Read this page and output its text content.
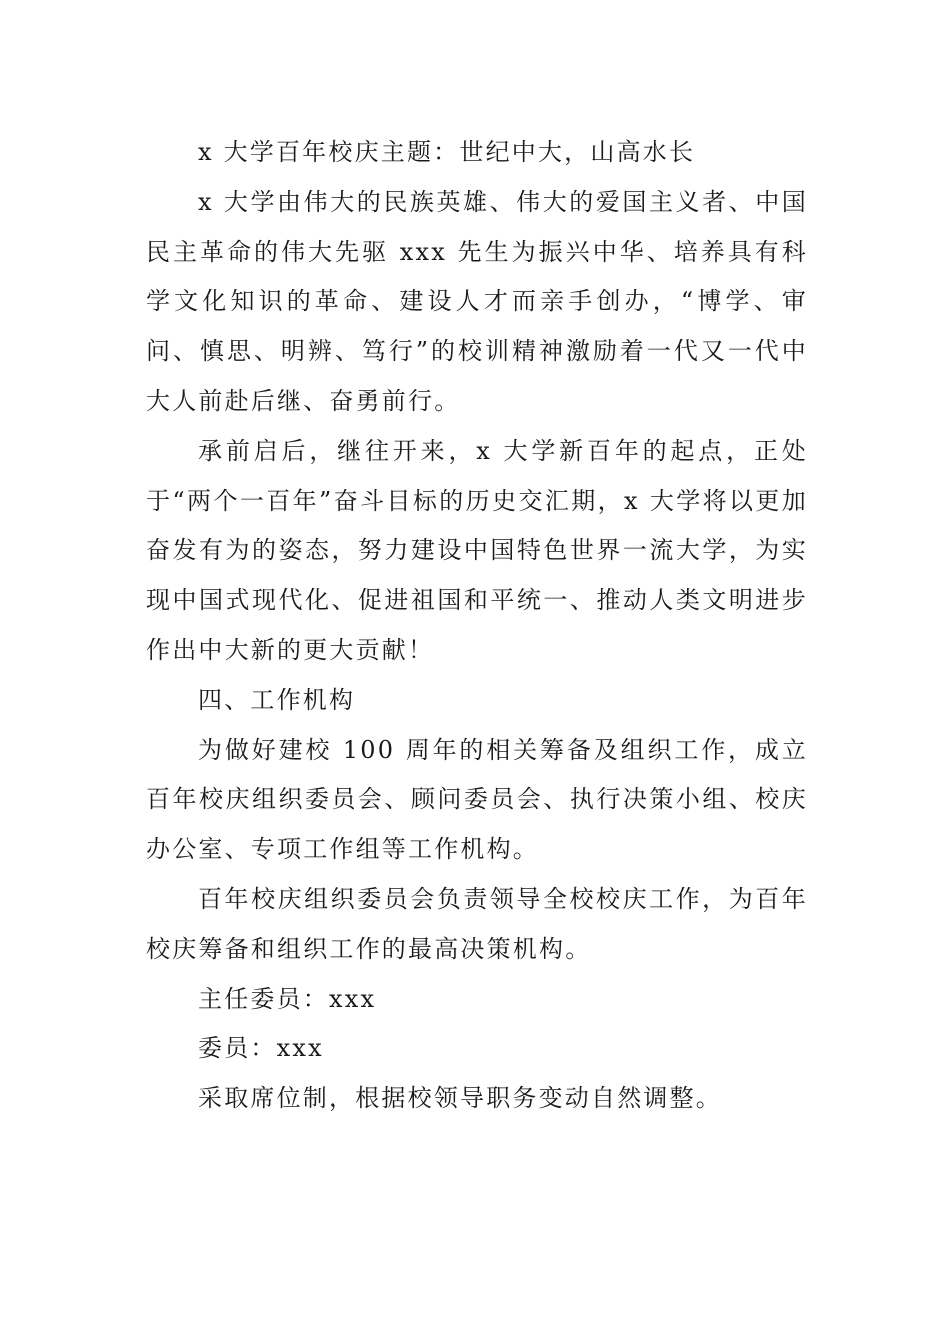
x 大学百年校庆主题：世纪中大，山高水长

x 大学由伟大的民族英雄、伟大的爱国主义者、中国民主革命的伟大先驱 xxx 先生为振兴中华、培养具有科学文化知识的革命、建设人才而亲手创办，“博学、审问、慎思、明辨、笃行”的校训精神激励着一代又一代中大人前赴后继、奋勇前行。

承前启后，继往开来，x 大学新百年的起点，正处于“两个一百年”奋斗目标的历史交汇期，x 大学将以更加奋发有为的姿态，努力建设中国特色世界一流大学，为实现中国式现代化、促进祖国和平统一、推动人类文明进步作出中大新的更大贡献！

四、工作机构

为做好建校 100 周年的相关筹备及组织工作，成立百年校庆组织委员会、顾问委员会、执行决策小组、校庆办公室、专项工作组等工作机构。

百年校庆组织委员会负责领导全校校庆工作，为百年校庆筹备和组织工作的最高决策机构。

主任委员：xxx

委员：xxx

采取席位制，根据校领导职务变动自然调整。
